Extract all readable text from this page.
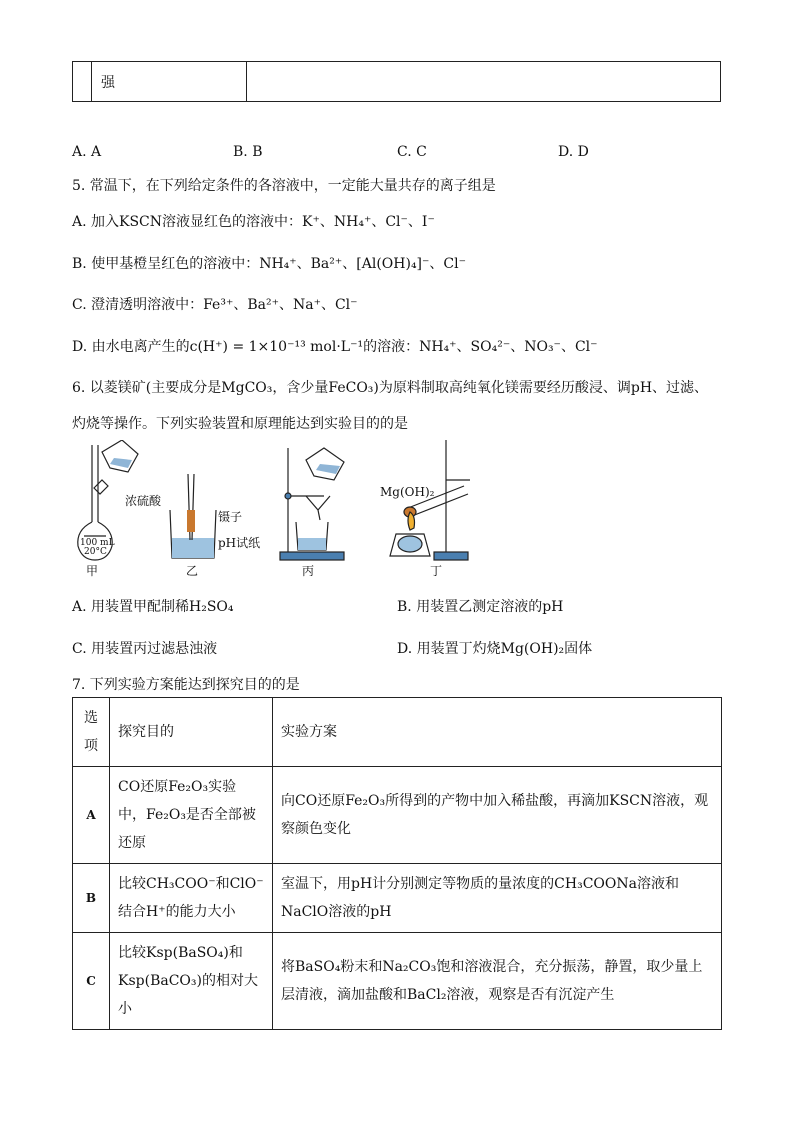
强
A. A	B. B	C. C	D. D
5. 常温下，在下列给定条件的各溶液中，一定能大量共存的离子组是
A. 加入KSCN溶液显红色的溶液中：K⁺、NH₄⁺、Cl⁻、I⁻
B. 使甲基橙呈红色的溶液中：NH₄⁺、Ba²⁺、[Al(OH)₄]⁻、Cl⁻
C. 澄清透明溶液中：Fe³⁺、Ba²⁺、Na⁺、Cl⁻
D. 由水电离产生的c(H⁺) = 1×10⁻¹³ mol·L⁻¹的溶液：NH₄⁺、SO₄²⁻、NO₃⁻、Cl⁻
6. 以菱镁矿(主要成分是MgCO₃，含少量FeCO₃)为原料制取高纯氧化镁需要经历酸浸、调pH、过滤、
灼烧等操作。下列实验装置和原理能达到实验目的的是
浓硫酸
100 mL
20°C
镊子
pH试纸
Mg(OH)₂
甲	乙	丙	丁
A. 用装置甲配制稀H₂SO₄	B. 用装置乙测定溶液的pH
C. 用装置丙过滤悬浊液	D. 用装置丁灼烧Mg(OH)₂固体
7. 下列实验方案能达到探究目的的是
选项	探究目的	实验方案
A	CO还原Fe₂O₃实验中，Fe₂O₃是否全部被还原	向CO还原Fe₂O₃所得到的产物中加入稀盐酸，再滴加KSCN溶液，观察颜色变化
B	比较CH₃COO⁻和ClO⁻结合H⁺的能力大小	室温下，用pH计分别测定等物质的量浓度的CH₃COONa溶液和NaClO溶液的pH
C	比较Ksp(BaSO₄)和Ksp(BaCO₃)的相对大小	将BaSO₄粉末和Na₂CO₃饱和溶液混合，充分振荡，静置，取少量上层清液，滴加盐酸和BaCl₂溶液，观察是否有沉淀产生
